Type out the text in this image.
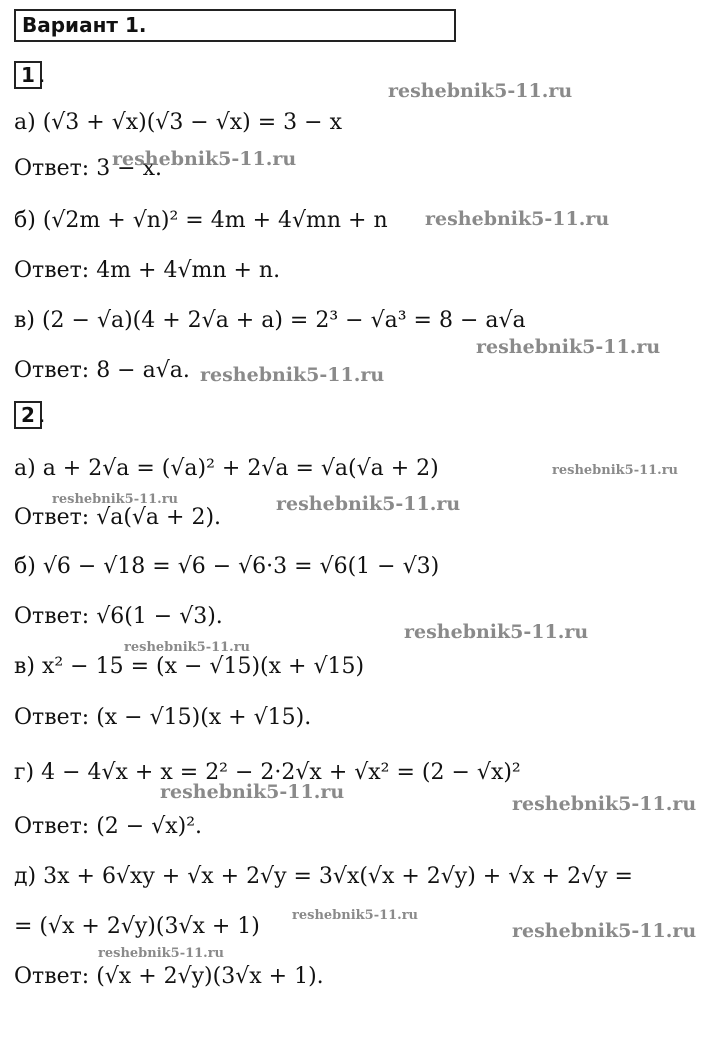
Вариант 1.
1 .
а) (√3 + √x)(√3 − √x) = 3 − x
Ответ: 3 − x.
б) (√2m + √n)² = 4m + 4√mn + n
Ответ: 4m + 4√mn + n.
в) (2 − √a)(4 + 2√a + a) = 2³ − √a³ = 8 − a√a
Ответ: 8 − a√a.
2 .
а) a + 2√a = (√a)² + 2√a = √a(√a + 2)
Ответ: √a(√a + 2).
б) √6 − √18 = √6 − √6·3 = √6(1 − √3)
Ответ: √6(1 − √3).
в) x² − 15 = (x − √15)(x + √15)
Ответ: (x − √15)(x + √15).
г) 4 − 4√x + x = 2² − 2·2√x + √x² = (2 − √x)²
Ответ: (2 − √x)².
д) 3x + 6√xy + √x + 2√y = 3√x(√x + 2√y) + √x + 2√y =
= (√x + 2√y)(3√x + 1)
Ответ: (√x + 2√y)(3√x + 1).
reshebnik5-11.ru
reshebnik5-11.ru
reshebnik5-11.ru
reshebnik5-11.ru
reshebnik5-11.ru
reshebnik5-11.ru
reshebnik5-11.ru	reshebnik5-11.ru
reshebnik5-11.ru
reshebnik5-11.ru
reshebnik5-11.ru
reshebnik5-11.ru
reshebnik5-11.ru
reshebnik5-11.ru
reshebnik5-11.ru
